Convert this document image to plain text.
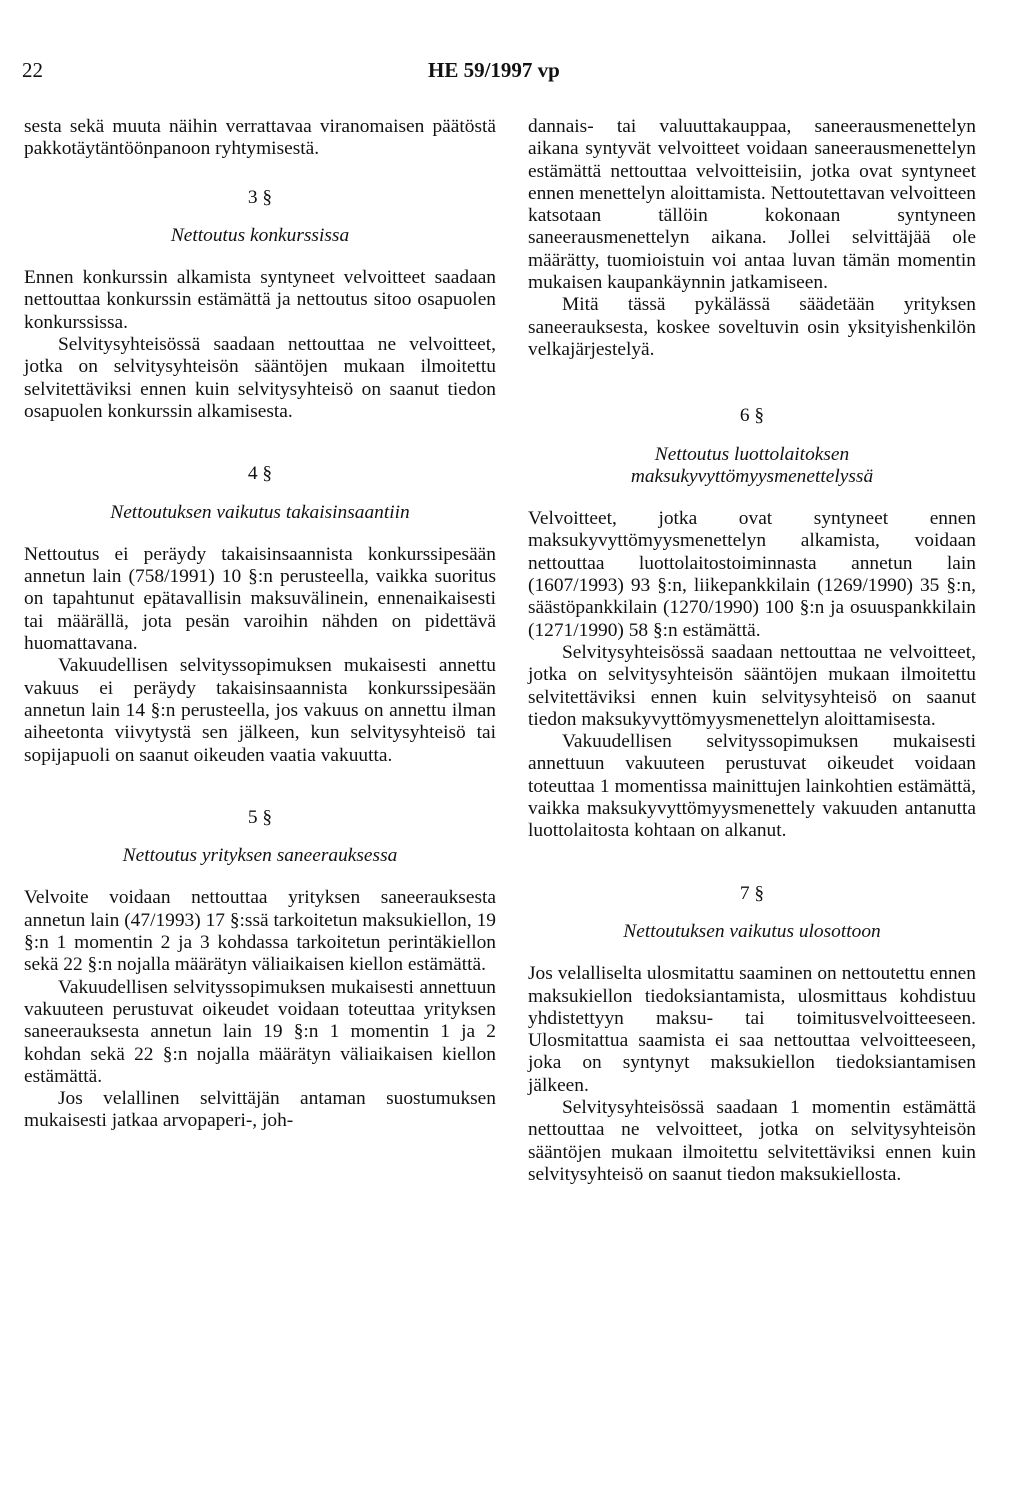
22	HE 59/1997 vp

sesta sekä muuta näihin verrattavaa viranomaisen päätöstä pakkotäytäntöönpanoon ryhtymisestä.

3 §
Nettoutus konkurssissa

Ennen konkurssin alkamista syntyneet velvoitteet saadaan nettouttaa konkurssin estämättä ja nettoutus sitoo osapuolen konkurssissa.

Selvitysyhteisössä saadaan nettouttaa ne velvoitteet, jotka on selvitysyhteisön sääntöjen mukaan ilmoitettu selvitettäviksi ennen kuin selvitysyhteisö on saanut tiedon osapuolen konkurssin alkamisesta.

4 §
Nettoutuksen vaikutus takaisinsaantiin

Nettoutus ei peräydy takaisinsaannista konkurssipesään annetun lain (758/1991) 10 §:n perusteella, vaikka suoritus on tapahtunut epätavallisin maksuvälinein, ennenaikaisesti tai määrällä, jota pesän varoihin nähden on pidettävä huomattavana.

Vakuudellisen selvityssopimuksen mukaisesti annettu vakuus ei peräydy takaisinsaannista konkurssipesään annetun lain 14 §:n perusteella, jos vakuus on annettu ilman aiheetonta viivytystä sen jälkeen, kun selvitysyhteisö tai sopijapuoli on saanut oikeuden vaatia vakuutta.

5 §
Nettoutus yrityksen saneerauksessa

Velvoite voidaan nettouttaa yrityksen saneerauksesta annetun lain (47/1993) 17 §:ssä tarkoitetun maksukiellon, 19 §:n 1 momentin 2 ja 3 kohdassa tarkoitetun perintäkiellon sekä 22 §:n nojalla määrätyn väliaikaisen kiellon estämättä.

Vakuudellisen selvityssopimuksen mukaisesti annettuun vakuuteen perustuvat oikeudet voidaan toteuttaa yrityksen saneerauksesta annetun lain 19 §:n 1 momentin 1 ja 2 kohdan sekä 22 §:n nojalla määrätyn väliaikaisen kiellon estämättä.

Jos velallinen selvittäjän antaman suostumuksen mukaisesti jatkaa arvopaperi-, joh-

dannais- tai valuuttakauppaa, saneerausmenettelyn aikana syntyvät velvoitteet voidaan saneerausmenettelyn estämättä nettouttaa velvoitteisiin, jotka ovat syntyneet ennen menettelyn aloittamista. Nettoutettavan velvoitteen katsotaan tällöin kokonaan syntyneen saneerausmenettelyn aikana. Jollei selvittäjää ole määrätty, tuomioistuin voi antaa luvan tämän momentin mukaisen kaupankäynnin jatkamiseen.

Mitä tässä pykälässä säädetään yrityksen saneerauksesta, koskee soveltuvin osin yksityishenkilön velkajärjestelyä.

6 §
Nettoutus luottolaitoksen
maksukyvyttömyysmenettelyssä

Velvoitteet, jotka ovat syntyneet ennen maksukyvyttömyysmenettelyn alkamista, voidaan nettouttaa luottolaitostoiminnasta annetun lain (1607/1993) 93 §:n, liikepankkilain (1269/1990) 35 §:n, säästöpankkilain (1270/1990) 100 §:n ja osuuspankkilain (1271/1990) 58 §:n estämättä.

Selvitysyhteisössä saadaan nettouttaa ne velvoitteet, jotka on selvitysyhteisön sääntöjen mukaan ilmoitettu selvitettäviksi ennen kuin selvitysyhteisö on saanut tiedon maksukyvyttömyysmenettelyn aloittamisesta.

Vakuudellisen selvityssopimuksen mukaisesti annettuun vakuuteen perustuvat oikeudet voidaan toteuttaa 1 momentissa mainittujen lainkohtien estämättä, vaikka maksukyvyttömyysmenettely vakuuden antanutta luottolaitosta kohtaan on alkanut.

7 §
Nettoutuksen vaikutus ulosottoon

Jos velalliselta ulosmitattu saaminen on nettoutettu ennen maksukiellon tiedoksiantamista, ulosmittaus kohdistuu yhdistettyyn maksu- tai toimitusvelvoitteeseen. Ulosmitattua saamista ei saa nettouttaa velvoitteeseen, joka on syntynyt maksukiellon tiedoksiantamisen jälkeen.

Selvitysyhteisössä saadaan 1 momentin estämättä nettouttaa ne velvoitteet, jotka on selvitysyhteisön sääntöjen mukaan ilmoitettu selvitettäviksi ennen kuin selvitysyhteisö on saanut tiedon maksukiellosta.
